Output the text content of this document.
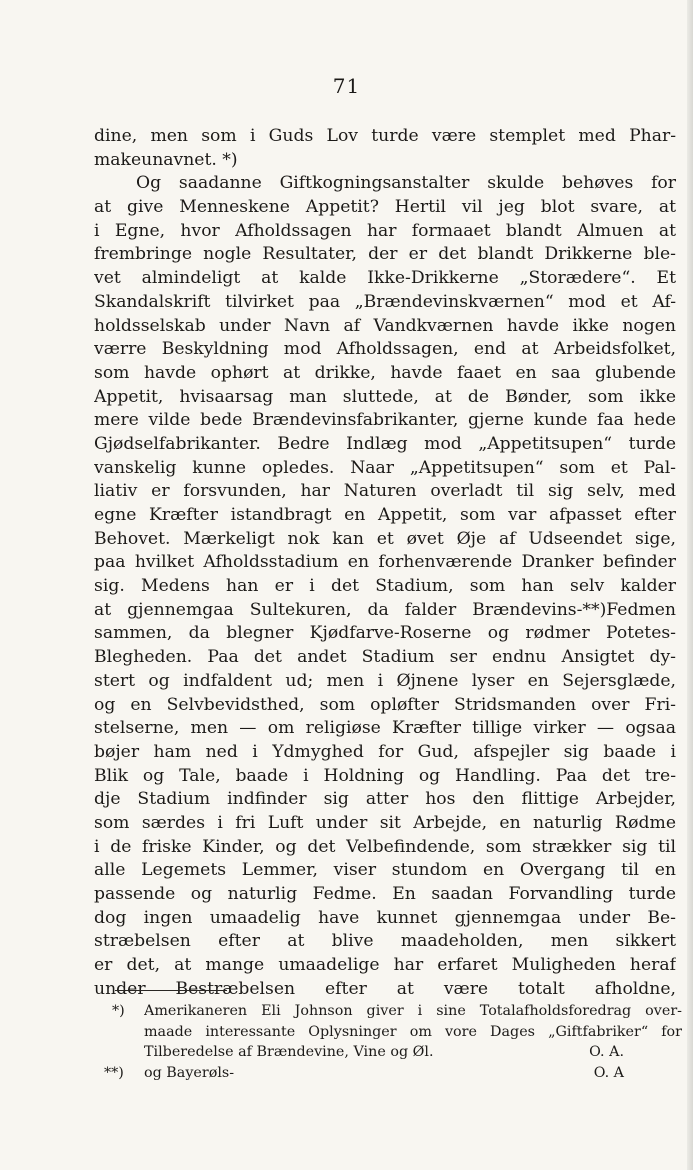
71
dine, men som i Guds Lov turde være stemplet med Phar-
makeunavnet. *)
Og saadanne Giftkogningsanstalter skulde behøves for
at give Menneskene Appetit? Hertil vil jeg blot svare, at
i Egne, hvor Afholdssagen har formaaet blandt Almuen at
frembringe nogle Resultater, der er det blandt Drikkerne ble-
vet almindeligt at kalde Ikke-Drikkerne „Storædere“. Et
Skandalskrift tilvirket paa „Brændevinskværnen“ mod et Af-
holdsselskab under Navn af Vandkværnen havde ikke nogen
værre Beskyldning mod Afholdssagen, end at Arbeidsfolket,
som havde ophørt at drikke, havde faaet en saa glubende
Appetit, hvisaarsag man sluttede, at de Bønder, som ikke
mere vilde bede Brændevinsfabrikanter, gjerne kunde faa hede
Gjødselfabrikanter. Bedre Indlæg mod „Appetitsupen“ turde
vanskelig kunne opledes. Naar „Appetitsupen“ som et Pal-
liativ er forsvunden, har Naturen overladt til sig selv, med
egne Kræfter istandbragt en Appetit, som var afpasset efter
Behovet. Mærkeligt nok kan et øvet Øje af Udseendet sige,
paa hvilket Afholdsstadium en forhenværende Dranker befinder
sig. Medens han er i det Stadium, som han selv kalder
at gjennemgaa Sultekuren, da falder Brændevins-**)Fedmen
sammen, da blegner Kjødfarve-Roserne og rødmer Potetes-
Blegheden. Paa det andet Stadium ser endnu Ansigtet dy-
stert og indfaldent ud; men i Øjnene lyser en Sejersglæde,
og en Selvbevidsthed, som opløfter Stridsmanden over Fri-
stelserne, men — om religiøse Kræfter tillige virker — ogsaa
bøjer ham ned i Ydmyghed for Gud, afspejler sig baade i
Blik og Tale, baade i Holdning og Handling. Paa det tre-
dje Stadium indfinder sig atter hos den flittige Arbejder,
som særdes i fri Luft under sit Arbejde, en naturlig Rødme
i de friske Kinder, og det Velbefindende, som strækker sig til
alle Legemets Lemmer, viser stundom en Overgang til en
passende og naturlig Fedme. En saadan Forvandling turde
dog ingen umaadelig have kunnet gjennemgaa under Be-
stræbelsen efter at blive maadeholden, men sikkert
er det, at mange umaadelige har erfaret Muligheden heraf
under Bestræbelsen efter at være totalt afholdne,
*)	Amerikaneren Eli Johnson giver i sine Totalafholdsforedrag over-
maade interessante Oplysninger om vore Dages „Giftfabriker“ for
Tilberedelse af Brændevine, Vine og Øl.	O. A.
**)	og Bayerøls-	O. A
